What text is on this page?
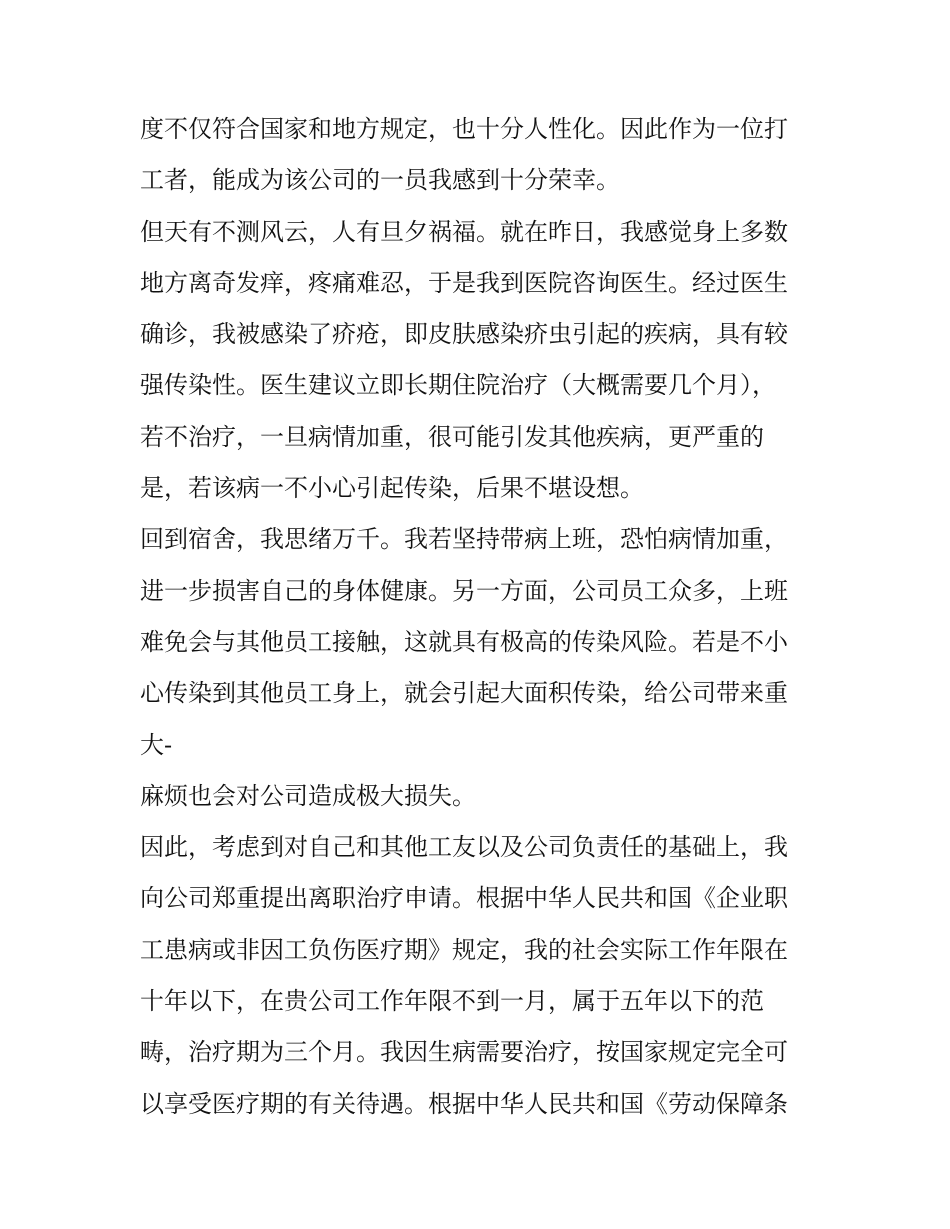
度不仅符合国家和地方规定，也十分人性化。因此作为一位打
工者，能成为该公司的一员我感到十分荣幸。
但天有不测风云，人有旦夕祸福。就在昨日，我感觉身上多数
地方离奇发痒，疼痛难忍，于是我到医院咨询医生。经过医生
确诊，我被感染了疥疮，即皮肤感染疥虫引起的疾病，具有较
强传染性。医生建议立即长期住院治疗（大概需要几个月），
若不治疗，一旦病情加重，很可能引发其他疾病，更严重的
是，若该病一不小心引起传染，后果不堪设想。
回到宿舍，我思绪万千。我若坚持带病上班，恐怕病情加重，
进一步损害自己的身体健康。另一方面，公司员工众多，上班
难免会与其他员工接触，这就具有极高的传染风险。若是不小
心传染到其他员工身上，就会引起大面积传染，给公司带来重
大-
麻烦也会对公司造成极大损失。
因此，考虑到对自己和其他工友以及公司负责任的基础上，我
向公司郑重提出离职治疗申请。根据中华人民共和国《企业职
工患病或非因工负伤医疗期》规定，我的社会实际工作年限在
十年以下，在贵公司工作年限不到一月，属于五年以下的范
畴，治疗期为三个月。我因生病需要治疗，按国家规定完全可
以享受医疗期的有关待遇。根据中华人民共和国《劳动保障条
